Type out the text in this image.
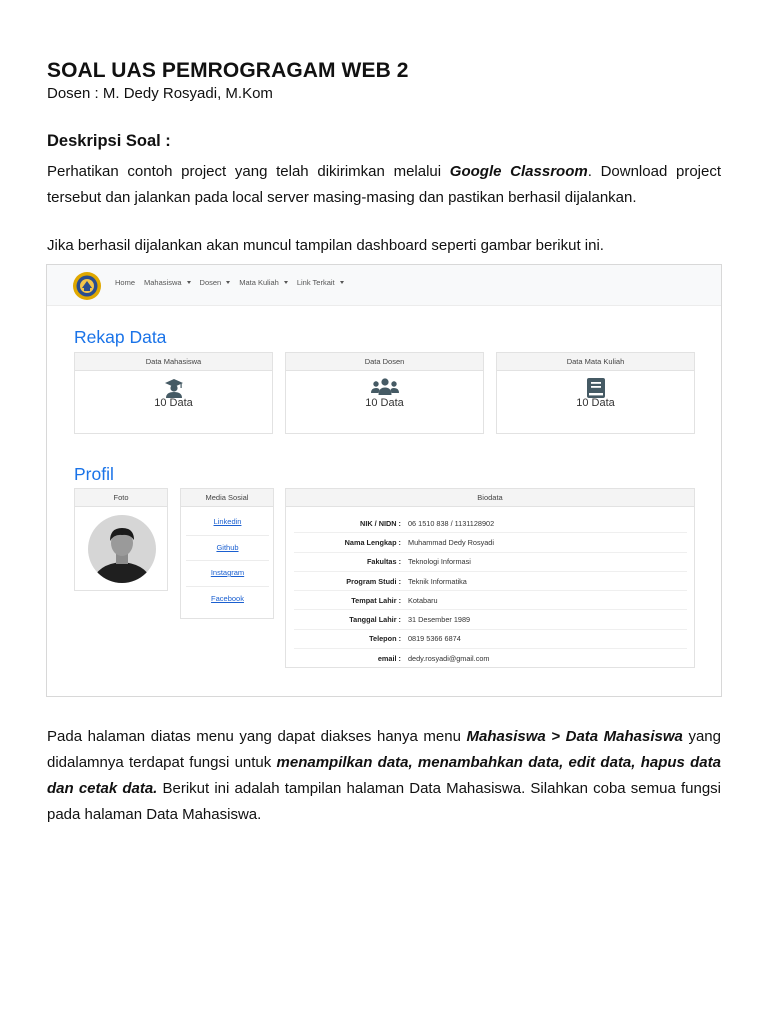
SOAL UAS PEMROGRAGAM WEB 2
Dosen : M. Dedy Rosyadi, M.Kom
Deskripsi Soal :

Perhatikan contoh project yang telah dikirimkan melalui Google Classroom. Download project tersebut dan jalankan pada local server masing-masing dan pastikan berhasil dijalankan.

Jika berhasil dijalankan akan muncul tampilan dashboard seperti gambar berikut ini.

Home Mahasiswa Dosen Mata Kuliah Link Terkait
Rekap Data
Data Mahasiswa
10 Data
Data Dosen
10 Data
Data Mata Kuliah
10 Data
Profil
Foto	Media Sosial
Linkedin
Github
Instagram
Facebook
Biodata
NIK / NIDN : 06 1510 838 / 1131128902
Nama Lengkap : Muhammad Dedy Rosyadi
Fakultas : Teknologi Informasi
Program Studi : Teknik Informatika
Tempat Lahir : Kotabaru
Tanggal Lahir : 31 Desember 1989
Telepon : 0819 5366 6874
email : dedy.rosyadi@gmail.com

Pada halaman diatas menu yang dapat diakses hanya menu Mahasiswa > Data Mahasiswa yang didalamnya terdapat fungsi untuk menampilkan data, menambahkan data, edit data, hapus data dan cetak data. Berikut ini adalah tampilan halaman Data Mahasiswa. Silahkan coba semua fungsi pada halaman Data Mahasiswa.
